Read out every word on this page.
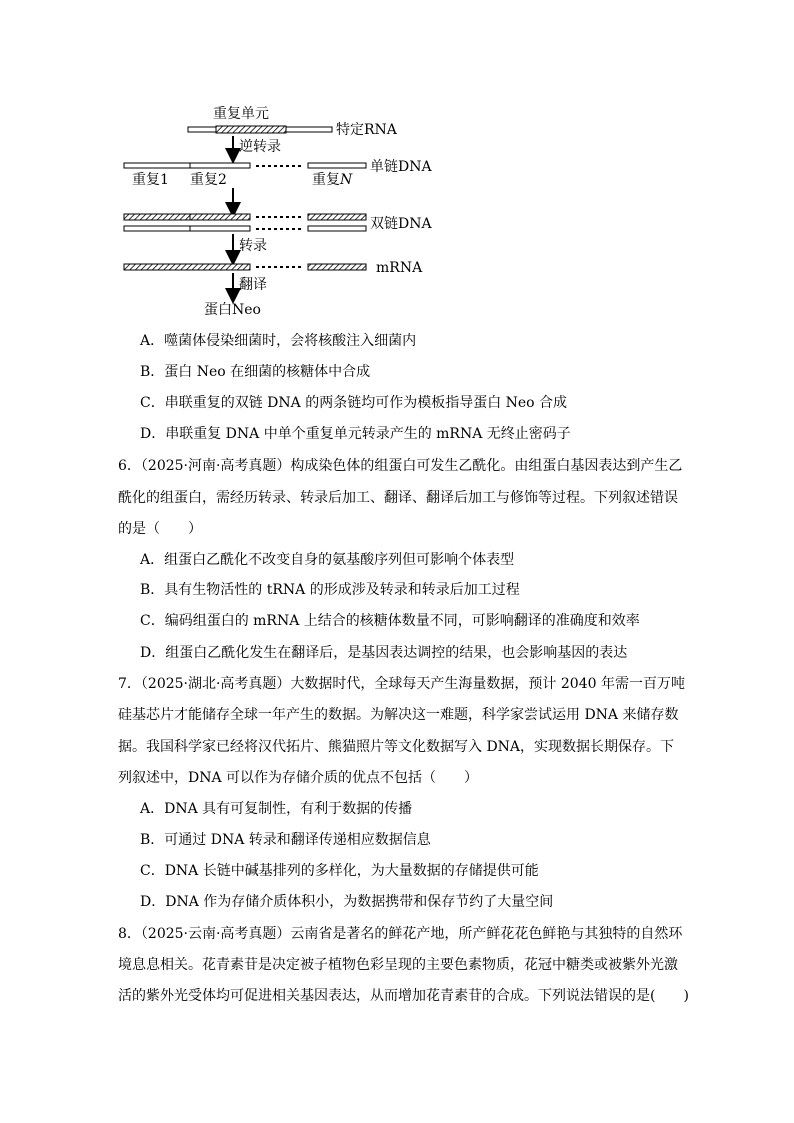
重复单元
特定RNA
逆转录
单链DNA
重复1 重复2	重复N
双链DNA
转录
mRNA
翻译
蛋白Neo
A．噬菌体侵染细菌时，会将核酸注入细菌内
B．蛋白 Neo 在细菌的核糖体中合成
C．串联重复的双链 DNA 的两条链均可作为模板指导蛋白 Neo 合成
D．串联重复 DNA 中单个重复单元转录产生的 mRNA 无终止密码子
6．（2025·河南·高考真题）构成染色体的组蛋白可发生乙酰化。由组蛋白基因表达到产生乙
酰化的组蛋白，需经历转录、转录后加工、翻译、翻译后加工与修饰等过程。下列叙述错误
的是（　　）
A．组蛋白乙酰化不改变自身的氨基酸序列但可影响个体表型
B．具有生物活性的 tRNA 的形成涉及转录和转录后加工过程
C．编码组蛋白的 mRNA 上结合的核糖体数量不同，可影响翻译的准确度和效率
D．组蛋白乙酰化发生在翻译后，是基因表达调控的结果，也会影响基因的表达
7．（2025·湖北·高考真题）大数据时代，全球每天产生海量数据，预计 2040 年需一百万吨
硅基芯片才能储存全球一年产生的数据。为解决这一难题，科学家尝试运用 DNA 来储存数
据。我国科学家已经将汉代拓片、熊猫照片等文化数据写入 DNA，实现数据长期保存。下
列叙述中，DNA 可以作为存储介质的优点不包括（　　）
A．DNA 具有可复制性，有利于数据的传播
B．可通过 DNA 转录和翻译传递相应数据信息
C．DNA 长链中碱基排列的多样化，为大量数据的存储提供可能
D．DNA 作为存储介质体积小，为数据携带和保存节约了大量空间
8．（2025·云南·高考真题）云南省是著名的鲜花产地，所产鲜花花色鲜艳与其独特的自然环
境息息相关。花青素苷是决定被子植物色彩呈现的主要色素物质，花冠中糖类或被紫外光激
活的紫外光受体均可促进相关基因表达，从而增加花青素苷的合成。下列说法错误的是(　　)
